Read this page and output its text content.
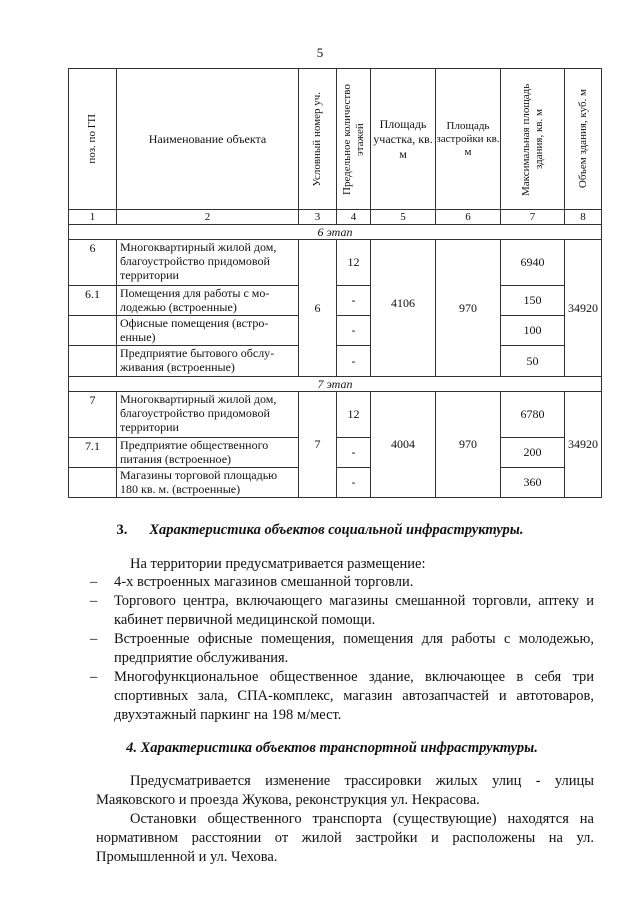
5
поз. по ГП	Наименование объекта	Условный номер уч.	Предельное количество этажей	Площадь участка, кв. м	Площадь застройки кв. м	Максимальная площадь здания, кв. м	Объем здания, куб. м

1	2	3	4	5	6	7	8
6 этап							
6	Многоквартирный жилой дом, благоустройство придомовой территории	6	12	4106	970	6940	34920
6.1	Помещения для работы с молодежью (встроенные)		-			150	
	Офисные помещения (встроенные)		-			100	
	Предприятие бытового обслуживания (встроенные)		-			50	
7 этап							
7	Многоквартирный жилой дом, благоустройство придомовой территории	7	12	4004	970	6780	34920
7.1	Предприятие общественного питания (встроенное)		-			200	
	Магазины торговой площадью 180 кв. м. (встроенные)		-			360	
3. Характеристика объектов социальной инфраструктуры.
На территории предусматривается размещение:
– 4-х встроенных магазинов смешанной торговли.
– Торгового центра, включающего магазины смешанной торговли, аптеку и кабинет первичной медицинской помощи.
– Встроенные офисные помещения, помещения для работы с молодежью, предприятие обслуживания.
– Многофункциональное общественное здание, включающее в себя три спортивных зала, СПА-комплекс, магазин автозапчастей и автотоваров, двухэтажный паркинг на 198 м/мест.
4. Характеристика объектов транспортной инфраструктуры.
Предусматривается изменение трассировки жилых улиц - улицы Маяковского и проезда Жукова, реконструкция ул. Некрасова.
Остановки общественного транспорта (существующие) находятся на нормативном расстоянии от жилой застройки и расположены на ул. Промышленной и ул. Чехова.
